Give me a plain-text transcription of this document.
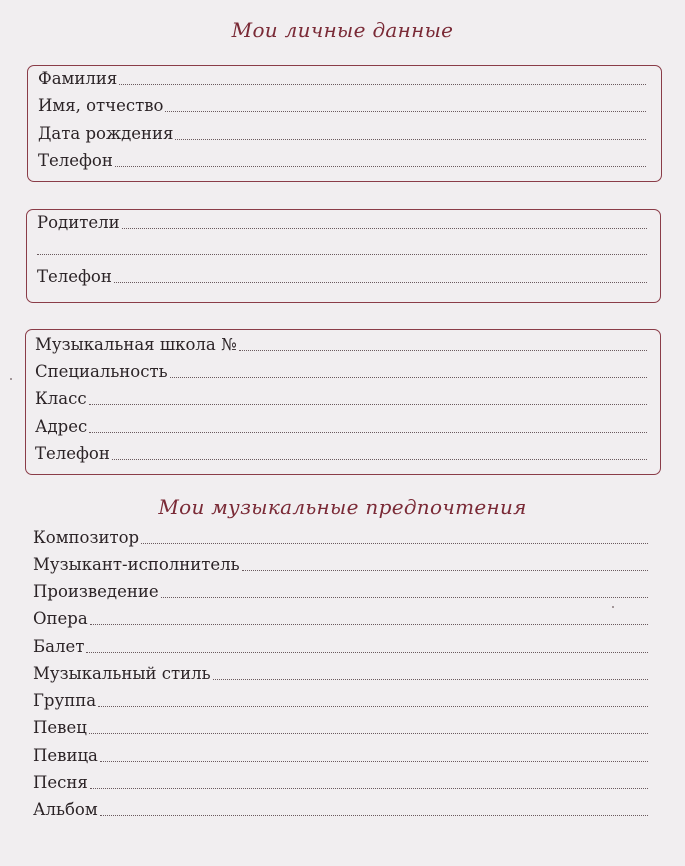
Мои личные данные
Фамилия
Имя, отчество
Дата рождения
Телефон
Родители
Телефон
Музыкальная школа №
Специальность
Класс
Адрес
Телефон
Мои музыкальные предпочтения
Композитор
Музыкант-исполнитель
Произведение
Опера
Балет
Музыкальный стиль
Группа
Певец
Певица
Песня
Альбом
